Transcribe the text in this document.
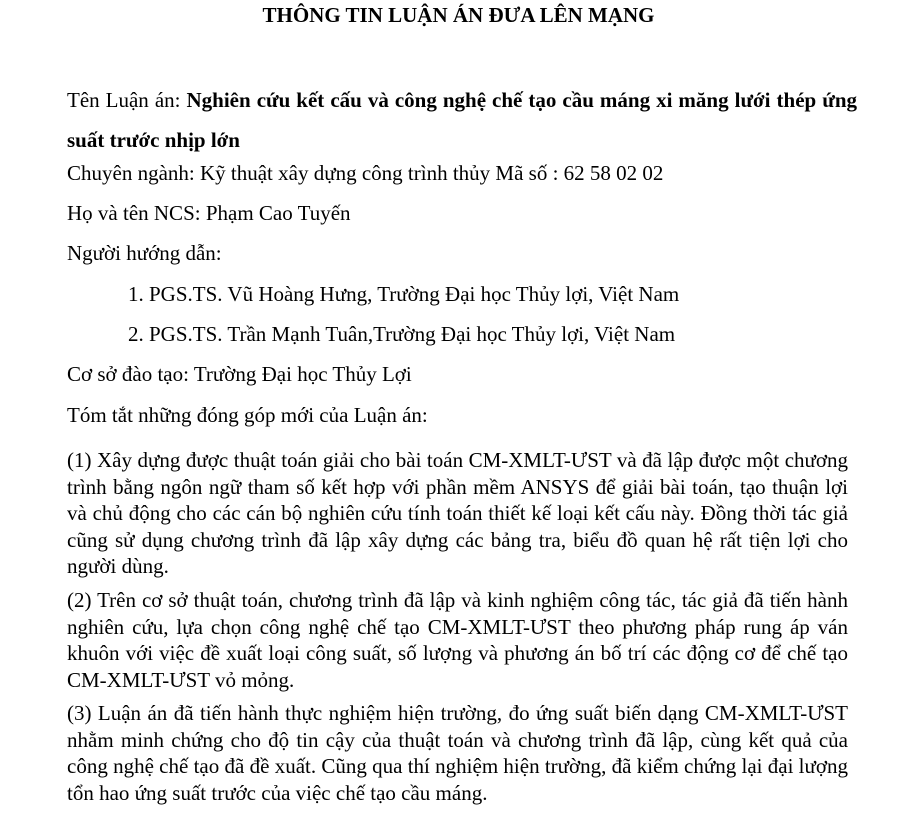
THÔNG TIN LUẬN ÁN ĐƯA LÊN MẠNG
Tên Luận án: Nghiên cứu kết cấu và công nghệ chế tạo cầu máng xi măng lưới thép ứng suất trước nhịp lớn
Chuyên ngành: Kỹ thuật xây dựng công trình thủy Mã số : 62 58 02 02
Họ và tên NCS: Phạm Cao Tuyến
Người hướng dẫn:
1. PGS.TS. Vũ Hoàng Hưng, Trường Đại học Thủy lợi, Việt Nam
2. PGS.TS. Trần Mạnh Tuân,Trường Đại học Thủy lợi, Việt Nam
Cơ sở đào tạo: Trường Đại học Thủy Lợi
Tóm tắt những đóng góp mới của Luận án:
(1) Xây dựng được thuật toán giải cho bài toán CM-XMLT-ƯST và đã lập được một chương trình bằng ngôn ngữ tham số kết hợp với phần mềm ANSYS để giải bài toán, tạo thuận lợi và chủ động cho các cán bộ nghiên cứu tính toán thiết kế loại kết cấu này. Đồng thời tác giả cũng sử dụng chương trình đã lập xây dựng các bảng tra, biểu đồ quan hệ rất tiện lợi cho người dùng.
(2) Trên cơ sở thuật toán, chương trình đã lập và kinh nghiệm công tác, tác giả đã tiến hành nghiên cứu, lựa chọn công nghệ chế tạo CM-XMLT-ƯST theo phương pháp rung áp ván khuôn với việc đề xuất loại công suất, số lượng và phương án bố trí các động cơ để chế tạo CM-XMLT-ƯST vỏ mỏng.
(3) Luận án đã tiến hành thực nghiệm hiện trường, đo ứng suất biến dạng CM-XMLT-ƯST nhằm minh chứng cho độ tin cậy của thuật toán và chương trình đã lập, cùng kết quả của công nghệ chế tạo đã đề xuất. Cũng qua thí nghiệm hiện trường, đã kiểm chứng lại đại lượng tổn hao ứng suất trước của việc chế tạo cầu máng.
